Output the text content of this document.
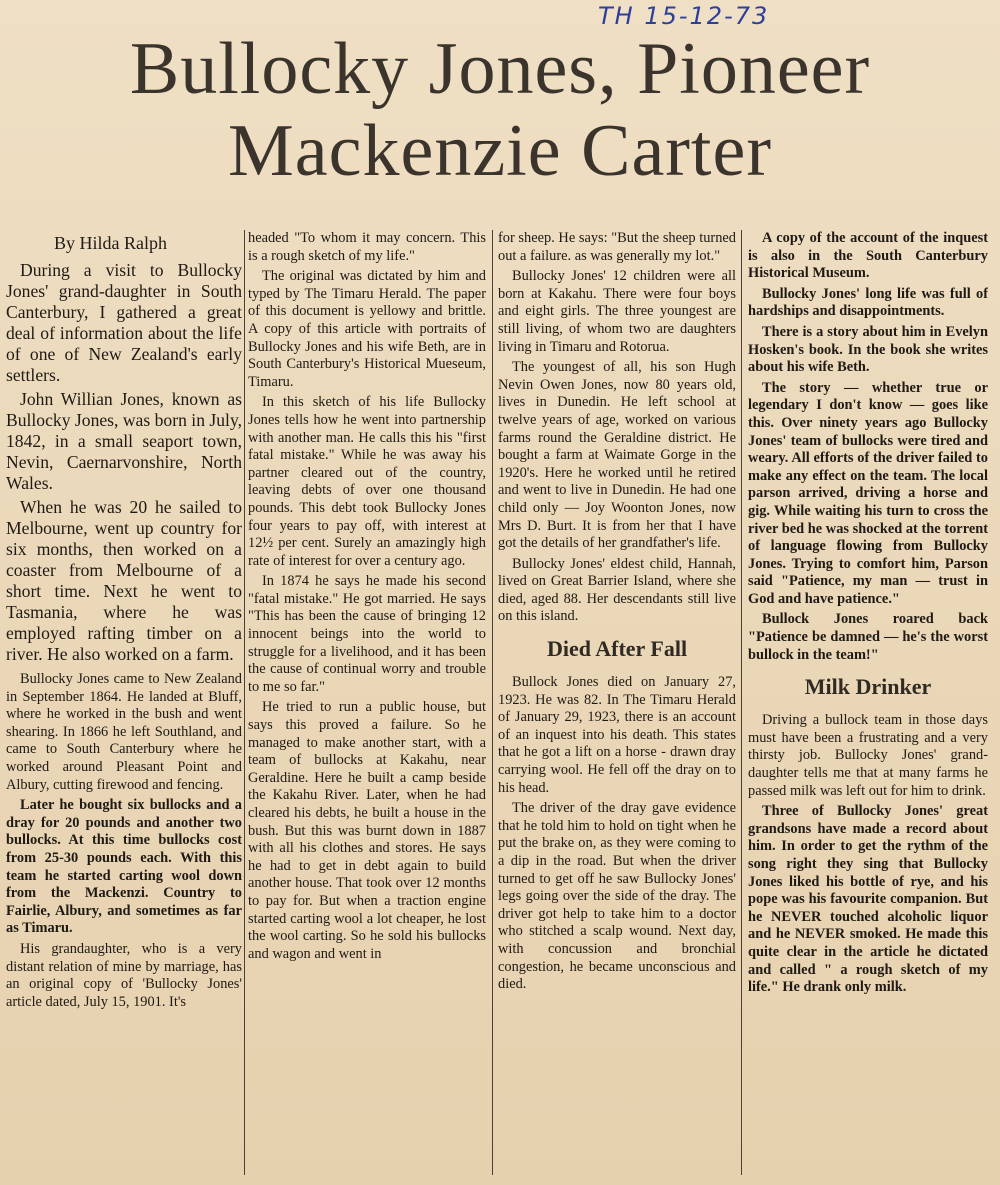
TH 15-12-73
Bullocky Jones, Pioneer
Mackenzie Carter

By Hilda Ralph

During a visit to Bullocky Jones' grand-daughter in South Canterbury, I gathered a great deal of information about the life of one of New Zealand's early settlers.

John Willian Jones, known as Bullocky Jones, was born in July, 1842, in a small seaport town, Nevin, Caernarvonshire, North Wales.

When he was 20 he sailed to Melbourne, went up country for six months, then worked on a coaster from Melbourne of a short time. Next he went to Tasmania, where he was employed rafting timber on a river. He also worked on a farm.

Bullocky Jones came to New Zealand in September 1864. He landed at Bluff, where he worked in the bush and went shearing. In 1866 he left Southland, and came to South Canterbury where he worked around Pleasant Point and Albury, cutting firewood and fencing.

Later he bought six bullocks and a dray for 20 pounds and another two bullocks. At this time bullocks cost from 25-30 pounds each. With this team he started carting wool down from the Mackenzi. Country to Fairlie, Albury, and sometimes as far as Timaru.

His grandaughter, who is a very distant relation of mine by marriage, has an original copy of 'Bullocky Jones' article dated, July 15, 1901. It's

headed "To whom it may concern. This is a rough sketch of my life."

The original was dictated by him and typed by The Timaru Herald. The paper of this document is yellowy and brittle. A copy of this article with portraits of Bullocky Jones and his wife Beth, are in South Canterbury's Historical Mueseum, Timaru.

In this sketch of his life Bullocky Jones tells how he went into partnership with another man. He calls this his "first fatal mistake." While he was away his partner cleared out of the country, leaving debts of over one thousand pounds. This debt took Bullocky Jones four years to pay off, with interest at 12½ per cent. Surely an amazingly high rate of interest for over a century ago.

In 1874 he says he made his second "fatal mistake." He got married. He says "This has been the cause of bringing 12 innocent beings into the world to struggle for a livelihood, and it has been the cause of continual worry and trouble to me so far."

He tried to run a public house, but says this proved a failure. So he managed to make another start, with a team of bullocks at Kakahu, near Geraldine. Here he built a camp beside the Kakahu River. Later, when he had cleared his debts, he built a house in the bush. But this was burnt down in 1887 with all his clothes and stores. He says he had to get in debt again to build another house. That took over 12 months to pay for. But when a traction engine started carting wool a lot cheaper, he lost the wool carting. So he sold his bullocks and wagon and went in

for sheep. He says: "But the sheep turned out a failure. as was generally my lot."

Bullocky Jones' 12 children were all born at Kakahu. There were four boys and eight girls. The three youngest are still living, of whom two are daughters living in Timaru and Rotorua.

The youngest of all, his son Hugh Nevin Owen Jones, now 80 years old, lives in Dunedin. He left school at twelve years of age, worked on various farms round the Geraldine district. He bought a farm at Waimate Gorge in the 1920's. Here he worked until he retired and went to live in Dunedin. He had one child only — Joy Woonton Jones, now Mrs D. Burt. It is from her that I have got the details of her grandfather's life.

Bullocky Jones' eldest child, Hannah, lived on Great Barrier Island, where she died, aged 88. Her descendants still live on this island.

Died After Fall

Bullock Jones died on January 27, 1923. He was 82. In The Timaru Herald of January 29, 1923, there is an account of an inquest into his death. This states that he got a lift on a horse - drawn dray carrying wool. He fell off the dray on to his head.

The driver of the dray gave evidence that he told him to hold on tight when he put the brake on, as they were coming to a dip in the road. But when the driver turned to get off he saw Bullocky Jones' legs going over the side of the dray. The driver got help to take him to a doctor who stitched a scalp wound. Next day, with concussion and bronchial congestion, he became unconscious and died.

A copy of the account of the inquest is also in the South Canterbury Historical Museum.

Bullocky Jones' long life was full of hardships and disappointments.

There is a story about him in Evelyn Hosken's book. In the book she writes about his wife Beth.

The story — whether true or legendary I don't know — goes like this. Over ninety years ago Bullocky Jones' team of bullocks were tired and weary. All efforts of the driver failed to make any effect on the team. The local parson arrived, driving a horse and gig. While waiting his turn to cross the river bed he was shocked at the torrent of language flowing from Bullocky Jones. Trying to comfort him, Parson said "Patience, my man — trust in God and have patience."

Bullock Jones roared back "Patience be damned — he's the worst bullock in the team!"

Milk Drinker

Driving a bullock team in those days must have been a frustrating and a very thirsty job. Bullocky Jones' grand-daughter tells me that at many farms he passed milk was left out for him to drink.

Three of Bullocky Jones' great grandsons have made a record about him. In order to get the rythm of the song right they sing that Bullocky Jones liked his bottle of rye, and his pope was his favourite companion. But he NEVER touched alcoholic liquor and he NEVER smoked. He made this quite clear in the article he dictated and called " a rough sketch of my life." He drank only milk.
